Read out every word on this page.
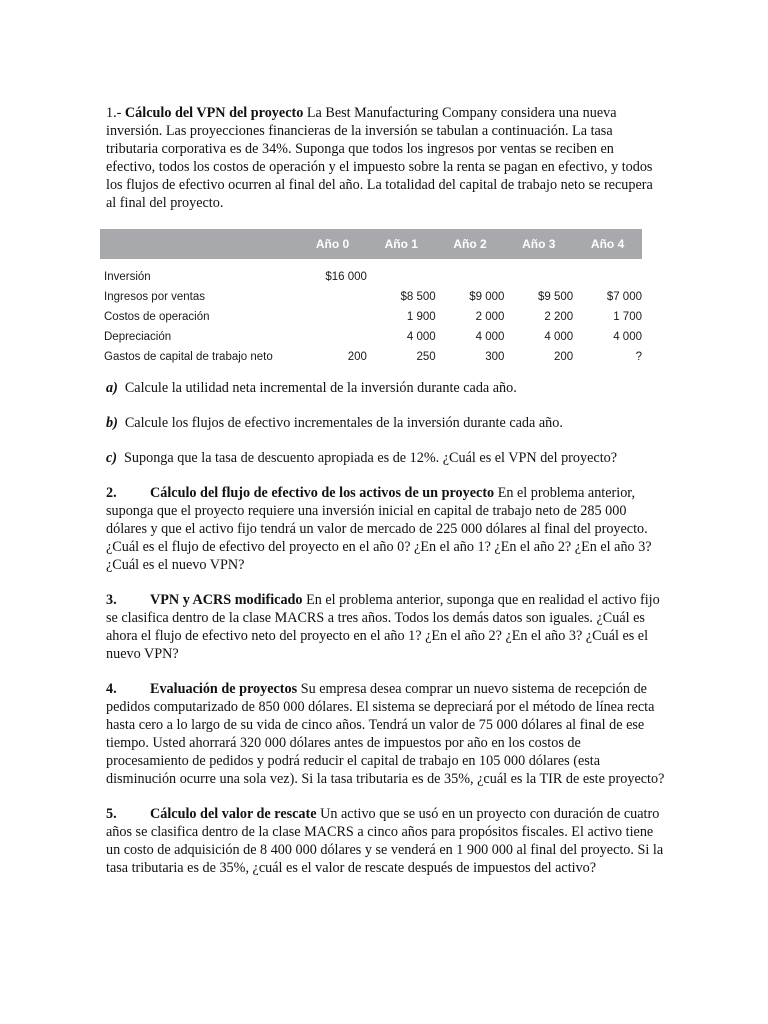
1.- Cálculo del VPN del proyecto La Best Manufacturing Company considera una nueva inversión. Las proyecciones financieras de la inversión se tabulan a continuación. La tasa tributaria corporativa es de 34%. Suponga que todos los ingresos por ventas se reciben en efectivo, todos los costos de operación y el impuesto sobre la renta se pagan en efectivo, y todos los flujos de efectivo ocurren al final del año. La totalidad del capital de trabajo neto se recupera al final del proyecto.

	Año 0	Año 1	Año 2	Año 3	Año 4
Inversión	$16 000				
Ingresos por ventas		$8 500	$9 000	$9 500	$7 000
Costos de operación		1 900	2 000	2 200	1 700
Depreciación		4 000	4 000	4 000	4 000
Gastos de capital de trabajo neto	200	250	300	200	?

a) Calcule la utilidad neta incremental de la inversión durante cada año.

b) Calcule los flujos de efectivo incrementales de la inversión durante cada año.

c) Suponga que la tasa de descuento apropiada es de 12%. ¿Cuál es el VPN del proyecto?

2. Cálculo del flujo de efectivo de los activos de un proyecto En el problema anterior, suponga que el proyecto requiere una inversión inicial en capital de trabajo neto de 285 000 dólares y que el activo fijo tendrá un valor de mercado de 225 000 dólares al final del proyecto. ¿Cuál es el flujo de efectivo del proyecto en el año 0? ¿En el año 1? ¿En el año 2? ¿En el año 3? ¿Cuál es el nuevo VPN?

3. VPN y ACRS modificado En el problema anterior, suponga que en realidad el activo fijo se clasifica dentro de la clase MACRS a tres años. Todos los demás datos son iguales. ¿Cuál es ahora el flujo de efectivo neto del proyecto en el año 1? ¿En el año 2? ¿En el año 3? ¿Cuál es el nuevo VPN?

4. Evaluación de proyectos Su empresa desea comprar un nuevo sistema de recepción de pedidos computarizado de 850 000 dólares. El sistema se depreciará por el método de línea recta hasta cero a lo largo de su vida de cinco años. Tendrá un valor de 75 000 dólares al final de ese tiempo. Usted ahorrará 320 000 dólares antes de impuestos por año en los costos de procesamiento de pedidos y podrá reducir el capital de trabajo en 105 000 dólares (esta disminución ocurre una sola vez). Si la tasa tributaria es de 35%, ¿cuál es la TIR de este proyecto?

5. Cálculo del valor de rescate Un activo que se usó en un proyecto con duración de cuatro años se clasifica dentro de la clase MACRS a cinco años para propósitos fiscales. El activo tiene un costo de adquisición de 8 400 000 dólares y se venderá en 1 900 000 al final del proyecto. Si la tasa tributaria es de 35%, ¿cuál es el valor de rescate después de impuestos del activo?
